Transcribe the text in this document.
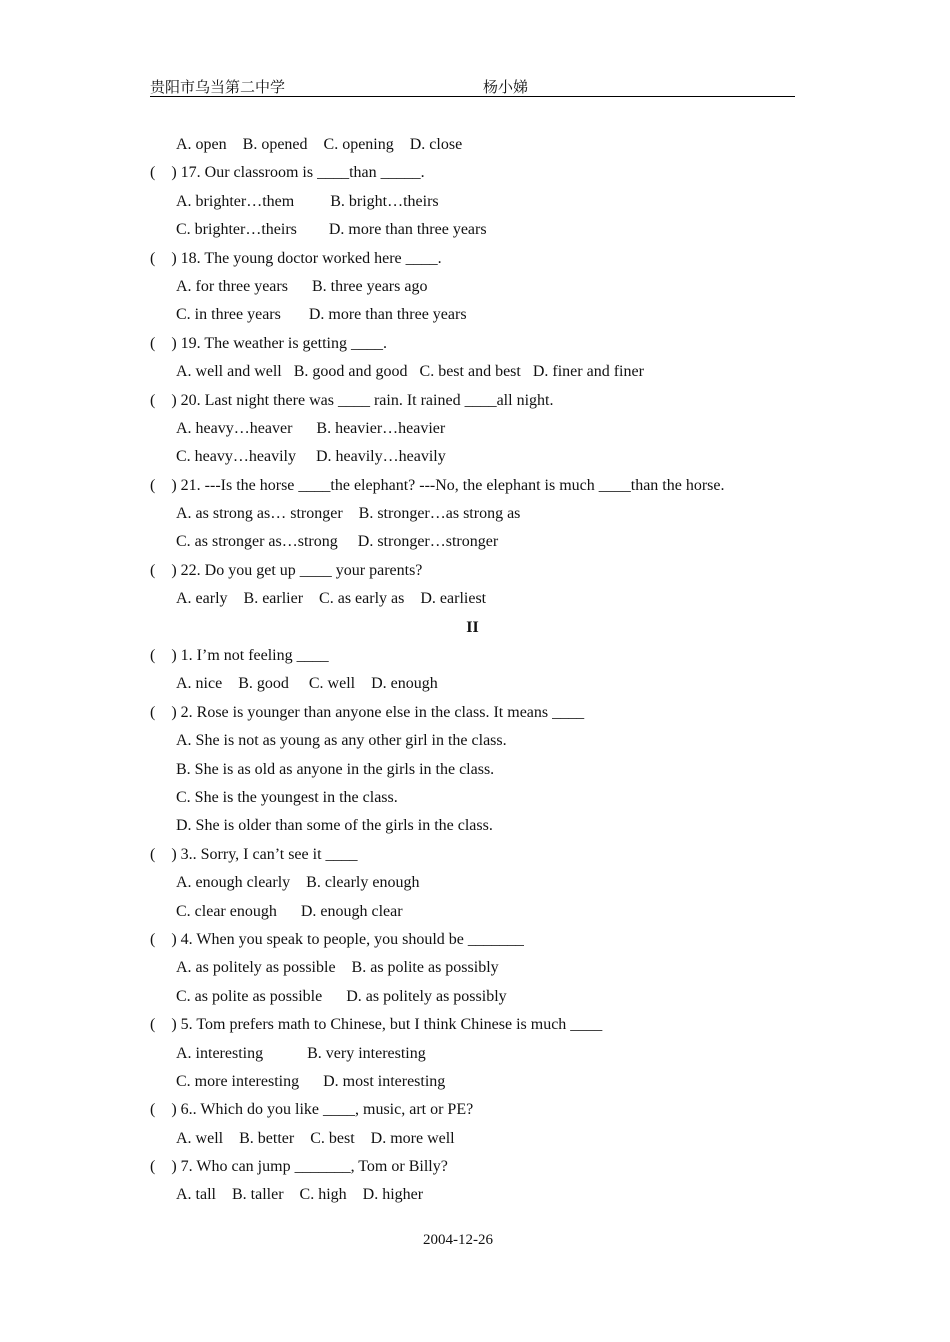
贵阳市乌当第二中学	杨小娣
A. open    B. opened    C. opening    D. close
(    ) 17. Our classroom is ____than _____.
A. brighter…them         B. bright…theirs
C. brighter…theirs        D. more than three years
(    ) 18. The young doctor worked here ____.
A. for three years      B. three years ago
C. in three years       D. more than three years
(    ) 19. The weather is getting ____.
A. well and well   B. good and good   C. best and best   D. finer and finer
(    ) 20. Last night there was ____ rain. It rained ____all night.
A. heavy…heaver      B. heavier…heavier
C. heavy…heavily     D. heavily…heavily
(    ) 21. ---Is the horse ____the elephant? ---No, the elephant is much ____than the horse.
A. as strong as… stronger    B. stronger…as strong as
C. as stronger as…strong     D. stronger…stronger
(    ) 22. Do you get up ____ your parents?
A. early    B. earlier    C. as early as    D. earliest
II
(    ) 1. I’m not feeling ____
A. nice    B. good     C. well    D. enough
(    ) 2. Rose is younger than anyone else in the class. It means ____
A. She is not as young as any other girl in the class.
B. She is as old as anyone in the girls in the class.
C. She is the youngest in the class.
D. She is older than some of the girls in the class.
(    ) 3.. Sorry, I can’t see it ____
A. enough clearly    B. clearly enough
C. clear enough      D. enough clear
(    ) 4. When you speak to people, you should be _______
A. as politely as possible    B. as polite as possibly
C. as polite as possible      D. as politely as possibly
(    ) 5. Tom prefers math to Chinese, but I think Chinese is much ____
A. interesting           B. very interesting
C. more interesting      D. most interesting
(    ) 6.. Which do you like ____, music, art or PE?
A. well    B. better    C. best    D. more well
(    ) 7. Who can jump _______, Tom or Billy?
A. tall    B. taller    C. high    D. higher
2004-12-26
